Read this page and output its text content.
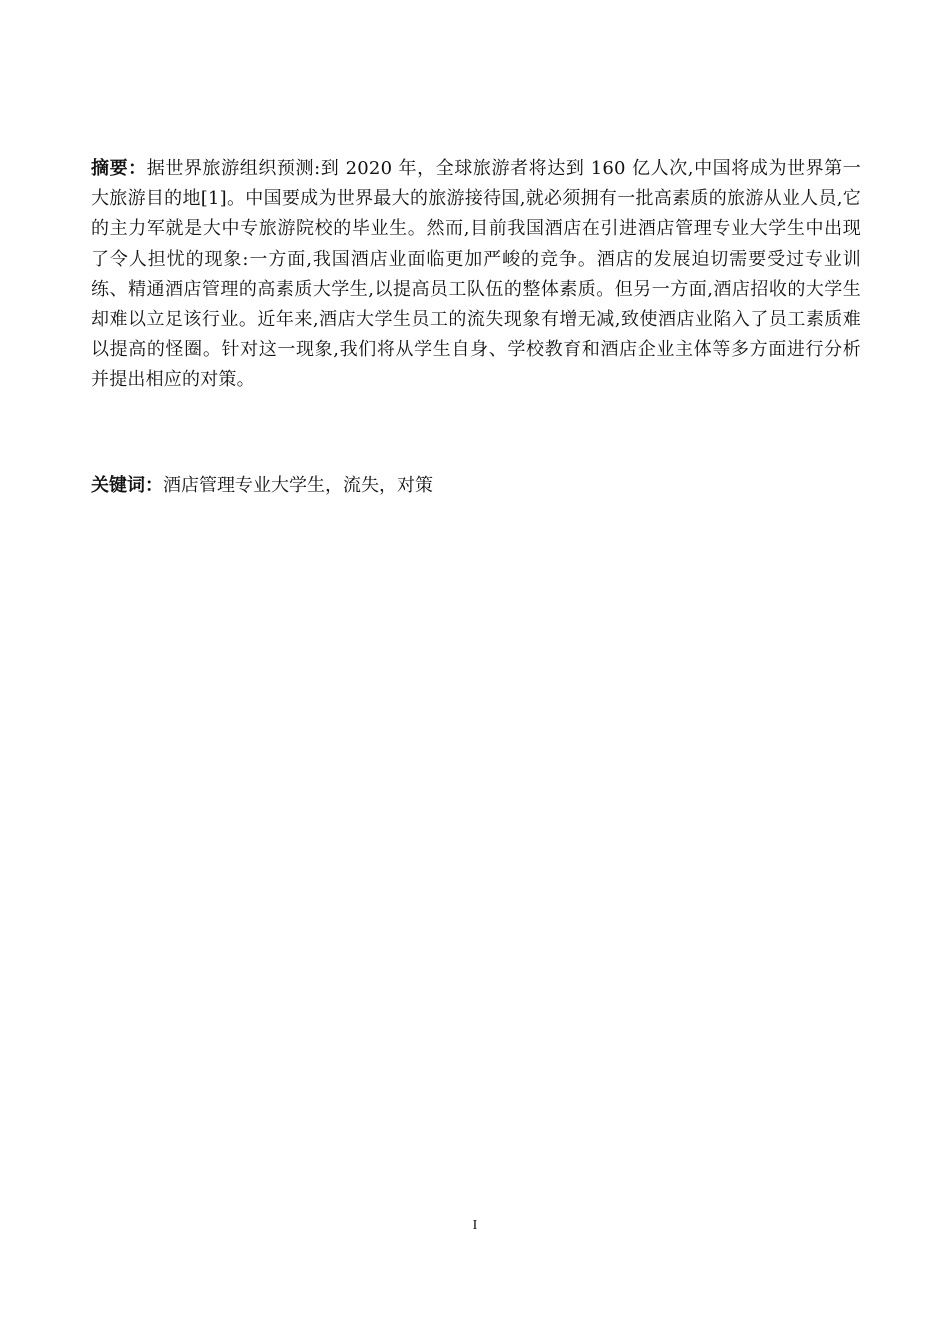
摘要：据世界旅游组织预测:到 2020 年，全球旅游者将达到 160 亿人次,中国将成为世界第一大旅游目的地[1]。中国要成为世界最大的旅游接待国,就必须拥有一批高素质的旅游从业人员,它的主力军就是大中专旅游院校的毕业生。然而,目前我国酒店在引进酒店管理专业大学生中出现了令人担忧的现象:一方面,我国酒店业面临更加严峻的竞争。酒店的发展迫切需要受过专业训练、精通酒店管理的高素质大学生,以提高员工队伍的整体素质。但另一方面,酒店招收的大学生却难以立足该行业。近年来,酒店大学生员工的流失现象有增无减,致使酒店业陷入了员工素质难以提高的怪圈。针对这一现象,我们将从学生自身、学校教育和酒店企业主体等多方面进行分析并提出相应的对策。

关键词：酒店管理专业大学生，流失，对策

I
